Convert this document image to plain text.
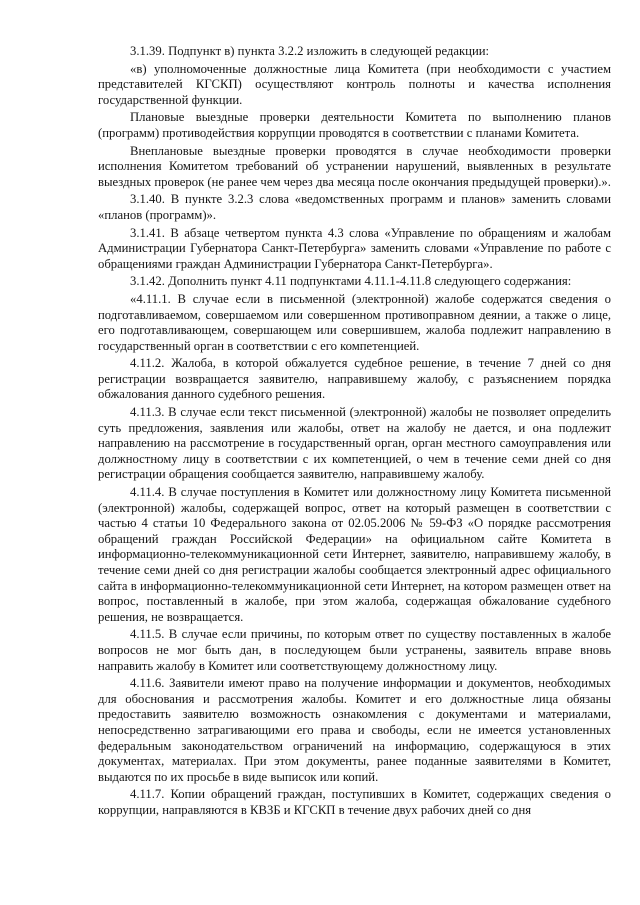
3.1.39. Подпункт в) пункта 3.2.2 изложить в следующей редакции:

«в) уполномоченные должностные лица Комитета (при необходимости с участием представителей КГСКП) осуществляют контроль полноты и качества исполнения государственной функции.

Плановые выездные проверки деятельности Комитета по выполнению планов (программ) противодействия коррупции проводятся в соответствии с планами Комитета.

Внеплановые выездные проверки проводятся в случае необходимости проверки исполнения Комитетом требований об устранении нарушений, выявленных в результате выездных проверок (не ранее чем через два месяца после окончания предыдущей проверки).».

3.1.40. В пункте 3.2.3 слова «ведомственных программ и планов» заменить словами «планов (программ)».

3.1.41. В абзаце четвертом пункта 4.3 слова «Управление по обращениям и жалобам Администрации Губернатора Санкт-Петербурга» заменить словами «Управление по работе с обращениями граждан Администрации Губернатора Санкт-Петербурга».

3.1.42. Дополнить пункт 4.11 подпунктами 4.11.1-4.11.8 следующего содержания:

«4.11.1. В случае если в письменной (электронной) жалобе содержатся сведения о подготавливаемом, совершаемом или совершенном противоправном деянии, а также о лице, его подготавливающем, совершающем или совершившем, жалоба подлежит направлению в государственный орган в соответствии с его компетенцией.

4.11.2. Жалоба, в которой обжалуется судебное решение, в течение 7 дней со дня регистрации возвращается заявителю, направившему жалобу, с разъяснением порядка обжалования данного судебного решения.

4.11.3. В случае если текст письменной (электронной) жалобы не позволяет определить суть предложения, заявления или жалобы, ответ на жалобу не дается, и она подлежит направлению на рассмотрение в государственный орган, орган местного самоуправления или должностному лицу в соответствии с их компетенцией, о чем в течение семи дней со дня регистрации обращения сообщается заявителю, направившему жалобу.

4.11.4. В случае поступления в Комитет или должностному лицу Комитета письменной (электронной) жалобы, содержащей вопрос, ответ на который размещен в соответствии с частью 4 статьи 10 Федерального закона от 02.05.2006 № 59-ФЗ «О порядке рассмотрения обращений граждан Российской Федерации» на официальном сайте Комитета в информационно-телекоммуникационной сети Интернет, заявителю, направившему жалобу, в течение семи дней со дня регистрации жалобы сообщается электронный адрес официального сайта в информационно-телекоммуникационной сети Интернет, на котором размещен ответ на вопрос, поставленный в жалобе, при этом жалоба, содержащая обжалование судебного решения, не возвращается.

4.11.5. В случае если причины, по которым ответ по существу поставленных в жалобе вопросов не мог быть дан, в последующем были устранены, заявитель вправе вновь направить жалобу в Комитет или соответствующему должностному лицу.

4.11.6. Заявители имеют право на получение информации и документов, необходимых для обоснования и рассмотрения жалобы. Комитет и его должностные лица обязаны предоставить заявителю возможность ознакомления с документами и материалами, непосредственно затрагивающими его права и свободы, если не имеется установленных федеральным законодательством ограничений на информацию, содержащуюся в этих документах, материалах. При этом документы, ранее поданные заявителями в Комитет, выдаются по их просьбе в виде выписок или копий.

4.11.7. Копии обращений граждан, поступивших в Комитет, содержащих сведения о коррупции, направляются в КВЗБ и КГСКП в течение двух рабочих дней со дня
